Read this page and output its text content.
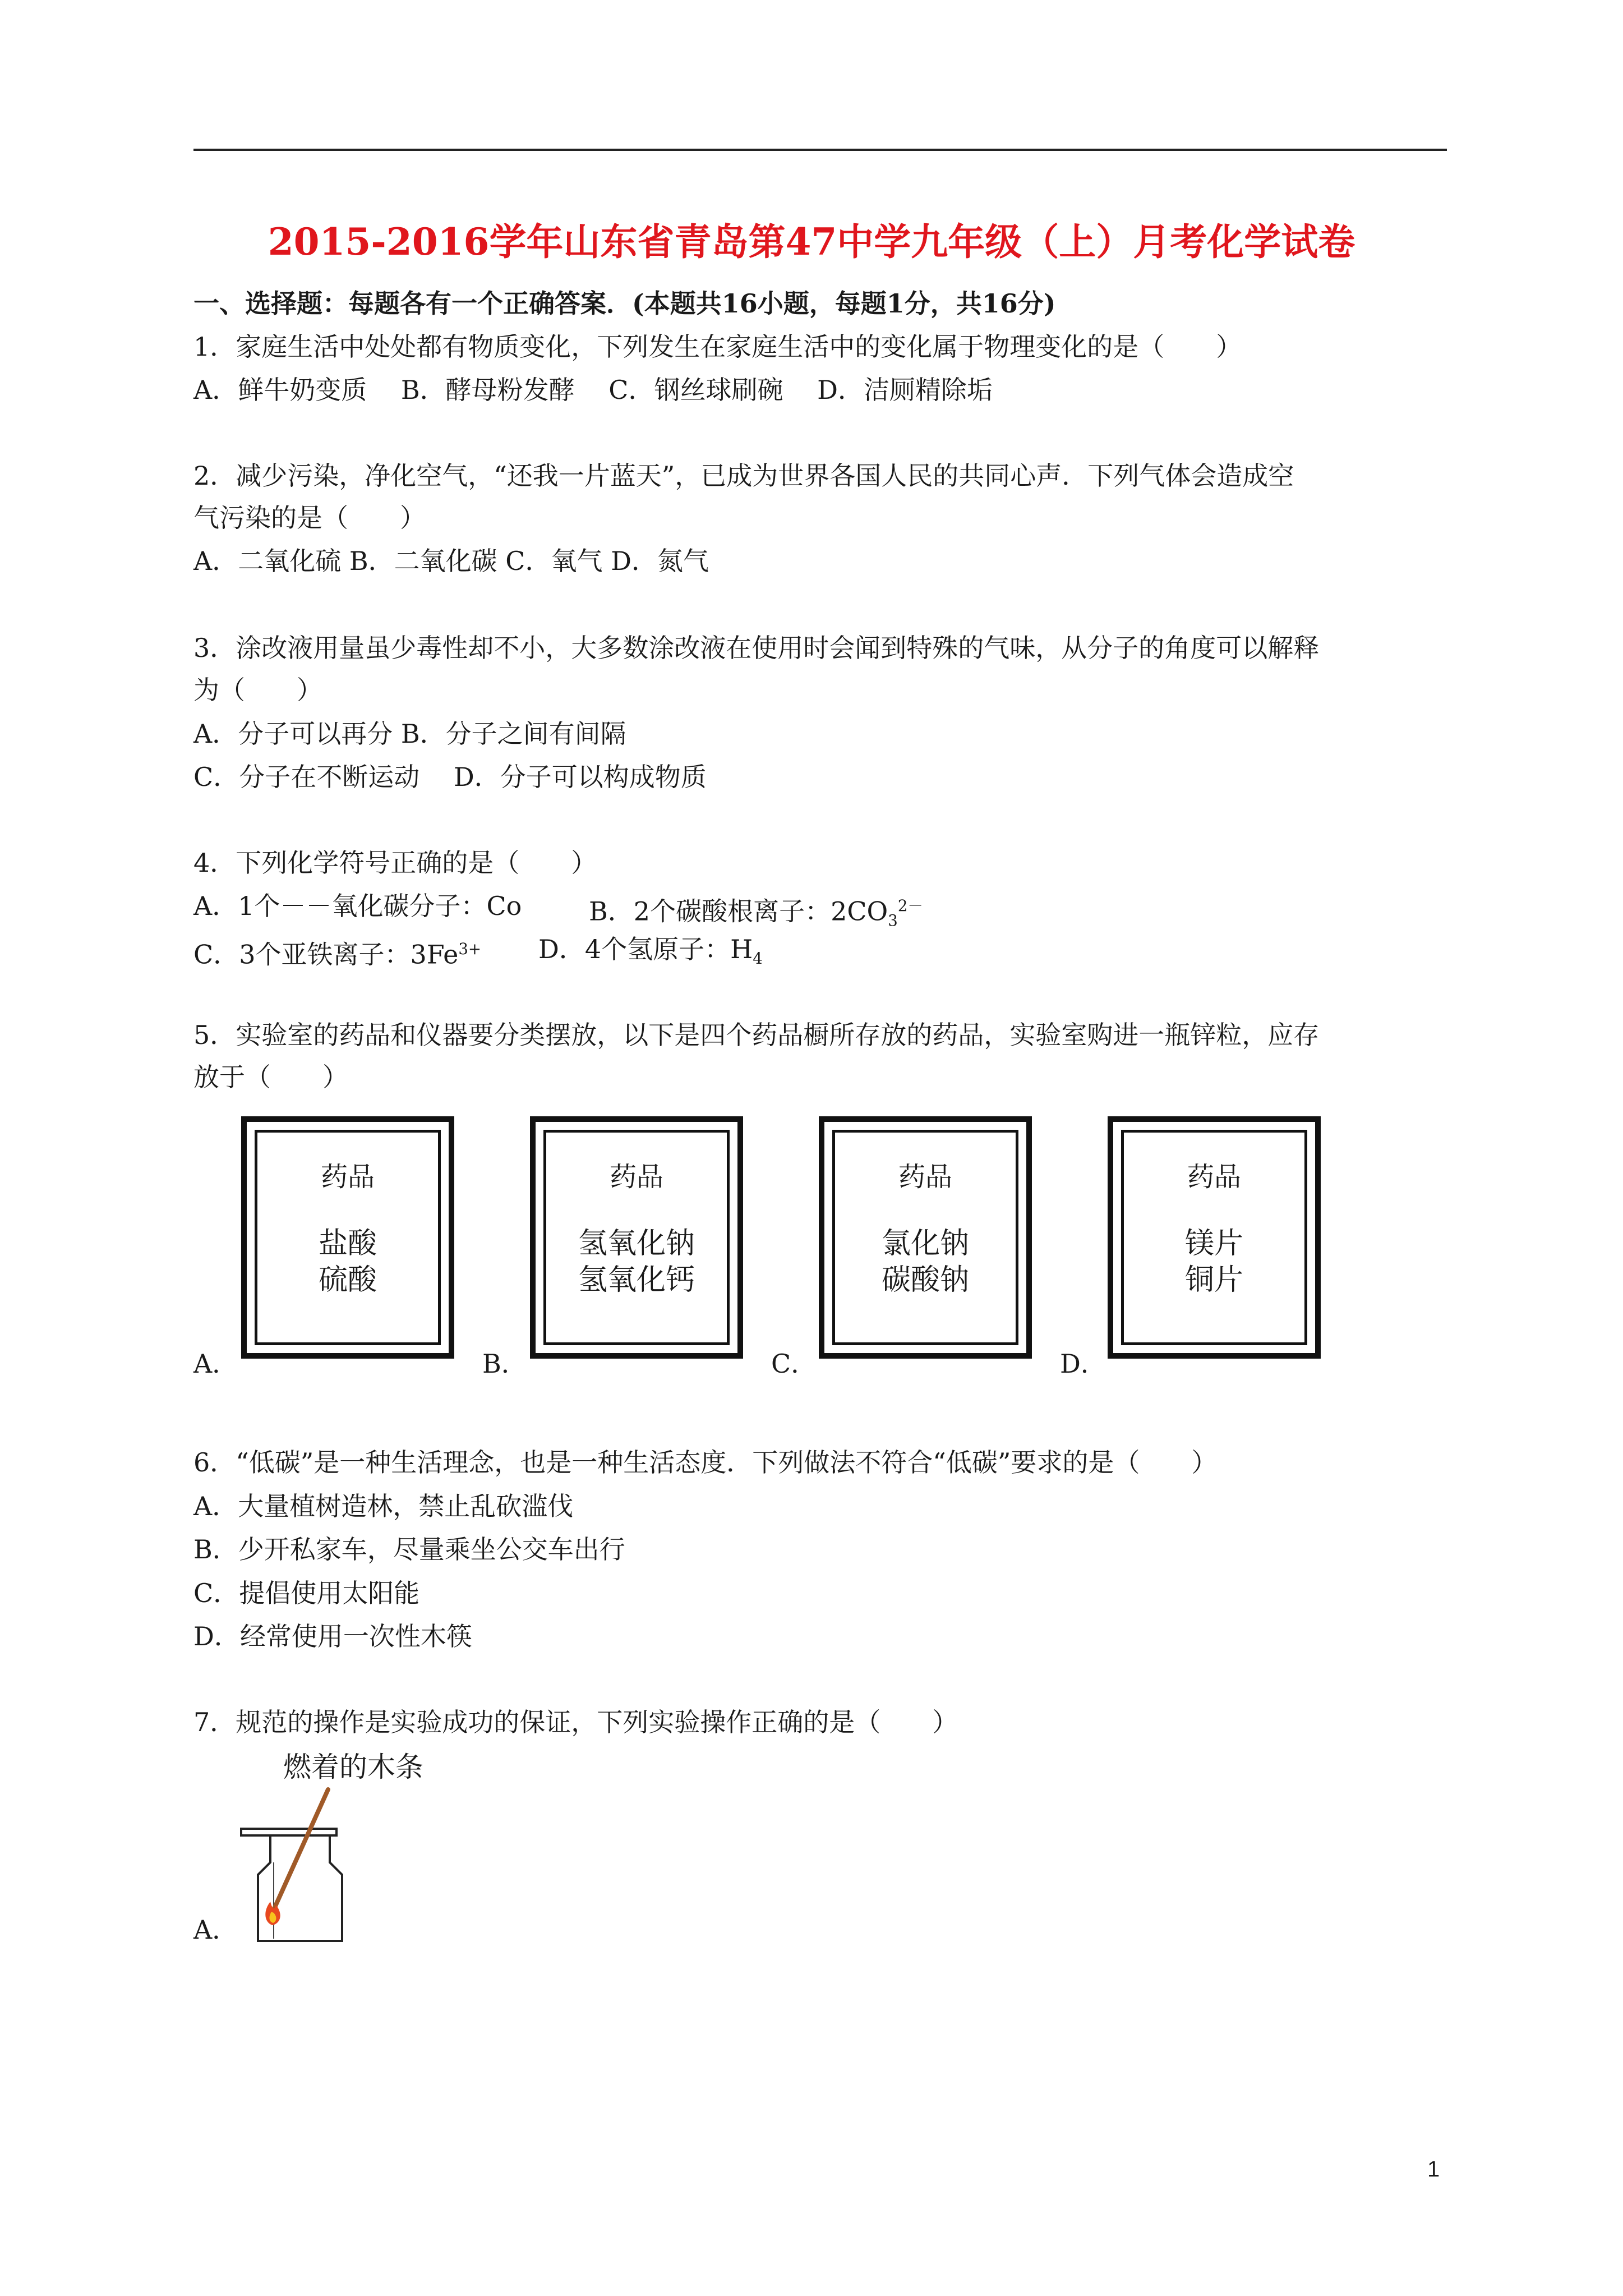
2015-2016学年山东省青岛第47中学九年级（上）月考化学试卷
一、选择题：每题各有一个正确答案．(本题共16小题，每题1分，共16分)
1．家庭生活中处处都有物质变化，下列发生在家庭生活中的变化属于物理变化的是（　　）
A．鲜牛奶变质　 B．酵母粉发酵　 C．钢丝球刷碗　 D．洁厕精除垢
2．减少污染，净化空气，“还我一片蓝天”，已成为世界各国人民的共同心声．下列气体会造成空
气污染的是（　　）
A．二氧化硫 B．二氧化碳 C．氧气 D．氮气
3．涂改液用量虽少毒性却不小，大多数涂改液在使用时会闻到特殊的气味，从分子的角度可以解释
为（　　）
A．分子可以再分 B．分子之间有间隔
C．分子在不断运动　 D．分子可以构成物质
4．下列化学符号正确的是（　　）
A．1个－－氧化碳分子：Co	B．2个碳酸根离子：$2CO_3^{2-}$
C．3个亚铁离子：$3Fe^{3+}$ D．4个氢原子：$H_4$
5．实验室的药品和仪器要分类摆放，以下是四个药品橱所存放的药品，实验室购进一瓶锌粒，应存
放于（　　）
A．
药品
盐酸
硫酸
B．
药品
氢氧化钠
氢氧化钙
C．
药品
氯化钠
碳酸钠
D．
药品
镁片
铜片
6．“低碳”是一种生活理念，也是一种生活态度．下列做法不符合“低碳”要求的是（　　）
A．大量植树造林，禁止乱砍滥伐
B．少开私家车，尽量乘坐公交车出行
C．提倡使用太阳能
D．经常使用一次性木筷
7．规范的操作是实验成功的保证，下列实验操作正确的是（　　）
燃着的木条
A．
1
